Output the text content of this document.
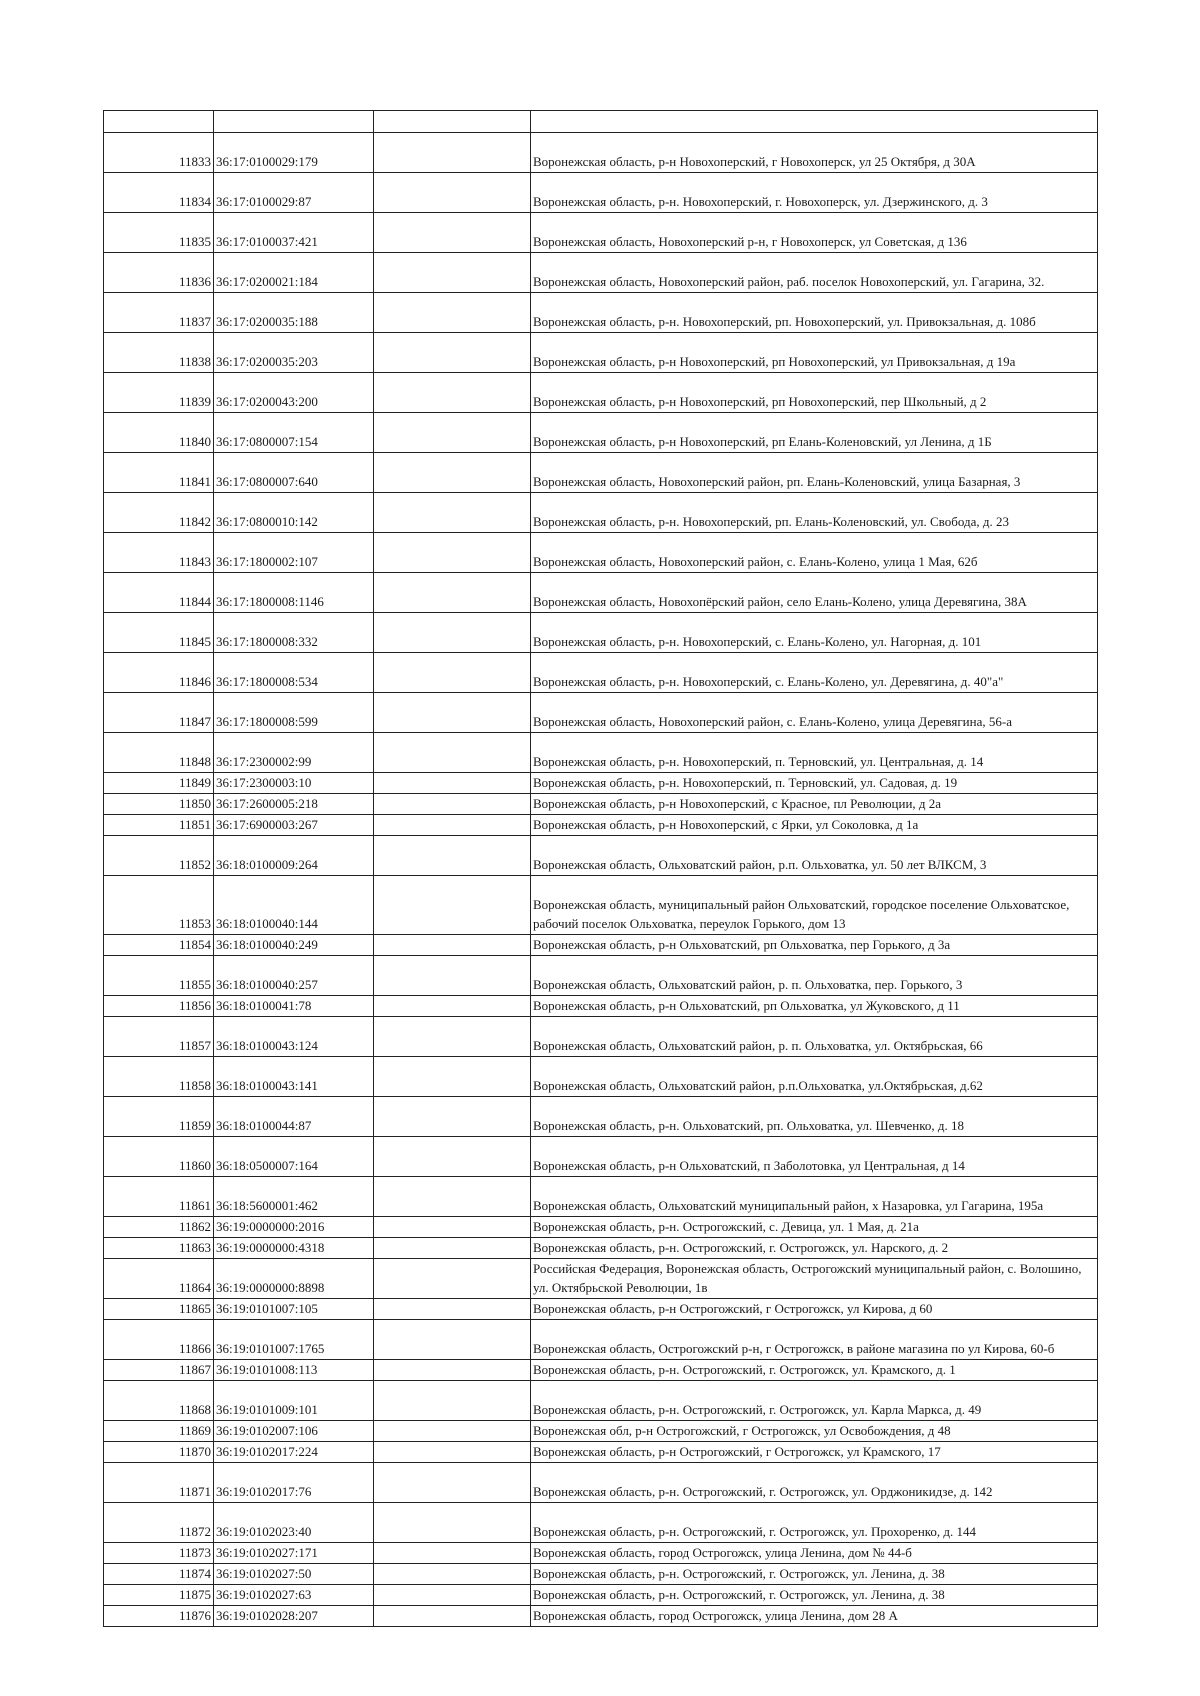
11833	36:17:0100029:179		Воронежская область, р-н Новохоперский, г Новохоперск, ул 25 Октября, д 30А
11834	36:17:0100029:87		Воронежская область, р-н. Новохоперский, г. Новохоперск, ул. Дзержинского, д. 3
11835	36:17:0100037:421		Воронежская область, Новохоперский р-н, г Новохоперск, ул Советская, д 136
11836	36:17:0200021:184		Воронежская область, Новохоперский район, раб. поселок Новохоперский, ул. Гагарина, 32.
11837	36:17:0200035:188		Воронежская область, р-н. Новохоперский, рп. Новохоперский, ул. Привокзальная, д. 108б
11838	36:17:0200035:203		Воронежская область, р-н Новохоперский, рп Новохоперский, ул Привокзальная, д 19а
11839	36:17:0200043:200		Воронежская область, р-н Новохоперский, рп Новохоперский, пер Школьный, д 2
11840	36:17:0800007:154		Воронежская область, р-н Новохоперский, рп Елань-Коленовский, ул Ленина, д 1Б
11841	36:17:0800007:640		Воронежская область, Новохоперский район, рп. Елань-Коленовский, улица Базарная, 3
11842	36:17:0800010:142		Воронежская область, р-н. Новохоперский, рп. Елань-Коленовский, ул. Свобода, д. 23
11843	36:17:1800002:107		Воронежская область, Новохоперский район, с. Елань-Колено, улица 1 Мая, 62б
11844	36:17:1800008:1146		Воронежская область, Новохопёрский район, село Елань-Колено, улица Деревягина, 38А
11845	36:17:1800008:332		Воронежская область, р-н. Новохоперский, с. Елань-Колено, ул. Нагорная, д. 101
11846	36:17:1800008:534		Воронежская область, р-н. Новохоперский, с. Елань-Колено, ул. Деревягина, д. 40"а"
11847	36:17:1800008:599		Воронежская область, Новохоперский район, с. Елань-Колено, улица Деревягина, 56-а
11848	36:17:2300002:99		Воронежская область, р-н. Новохоперский, п. Терновский, ул. Центральная, д. 14
11849	36:17:2300003:10		Воронежская область, р-н. Новохоперский, п. Терновский, ул. Садовая, д. 19
11850	36:17:2600005:218		Воронежская область, р-н Новохоперский, с Красное, пл Революции, д 2а
11851	36:17:6900003:267		Воронежская область, р-н Новохоперский, с Ярки, ул Соколовка, д 1а
11852	36:18:0100009:264		Воронежская область, Ольховатский район, р.п. Ольховатка, ул. 50 лет ВЛКСМ, 3
11853	36:18:0100040:144		Воронежская область, муниципальный район Ольховатский, городское поселение Ольховатское, рабочий поселок Ольховатка, переулок Горького, дом 13
11854	36:18:0100040:249		Воронежская область, р-н Ольховатский, рп Ольховатка, пер Горького, д 3а
11855	36:18:0100040:257		Воронежская область, Ольховатский район, р. п. Ольховатка, пер. Горького, 3
11856	36:18:0100041:78		Воронежская область, р-н Ольховатский, рп Ольховатка, ул Жуковского, д 11
11857	36:18:0100043:124		Воронежская область, Ольховатский район, р. п. Ольховатка, ул. Октябрьская, 66
11858	36:18:0100043:141		Воронежская область, Ольховатский район, р.п.Ольховатка, ул.Октябрьская, д.62
11859	36:18:0100044:87		Воронежская область, р-н. Ольховатский, рп. Ольховатка, ул. Шевченко, д. 18
11860	36:18:0500007:164		Воронежская область, р-н Ольховатский, п Заболотовка, ул Центральная, д 14
11861	36:18:5600001:462		Воронежская область, Ольховатский муниципальный район, х Назаровка, ул Гагарина, 195а
11862	36:19:0000000:2016		Воронежская область, р-н. Острогожский, с. Девица, ул. 1 Мая, д. 21а
11863	36:19:0000000:4318		Воронежская область, р-н. Острогожский, г. Острогожск, ул. Нарского, д. 2
11864	36:19:0000000:8898		Российская Федерация, Воронежская область, Острогожский муниципальный район, с. Волошино, ул. Октябрьской Революции, 1в
11865	36:19:0101007:105		Воронежская область, р-н Острогожский, г Острогожск, ул Кирова, д 60
11866	36:19:0101007:1765		Воронежская область, Острогожский р-н, г Острогожск, в районе магазина по ул Кирова, 60-б
11867	36:19:0101008:113		Воронежская область, р-н. Острогожский, г. Острогожск, ул. Крамского, д. 1
11868	36:19:0101009:101		Воронежская область, р-н. Острогожский, г. Острогожск, ул. Карла Маркса, д. 49
11869	36:19:0102007:106		Воронежская обл, р-н Острогожский, г Острогожск, ул Освобождения, д 48
11870	36:19:0102017:224		Воронежская область, р-н Острогожский, г Острогожск, ул Крамского, 17
11871	36:19:0102017:76		Воронежская область, р-н. Острогожский, г. Острогожск, ул. Орджоникидзе, д. 142
11872	36:19:0102023:40		Воронежская область, р-н. Острогожский, г. Острогожск, ул. Прохоренко, д. 144
11873	36:19:0102027:171		Воронежская область, город Острогожск, улица Ленина, дом № 44-б
11874	36:19:0102027:50		Воронежская область, р-н. Острогожский, г. Острогожск, ул. Ленина, д. 38
11875	36:19:0102027:63		Воронежская область, р-н. Острогожский, г. Острогожск, ул. Ленина, д. 38
11876	36:19:0102028:207		Воронежская область, город Острогожск, улица Ленина, дом 28 А
